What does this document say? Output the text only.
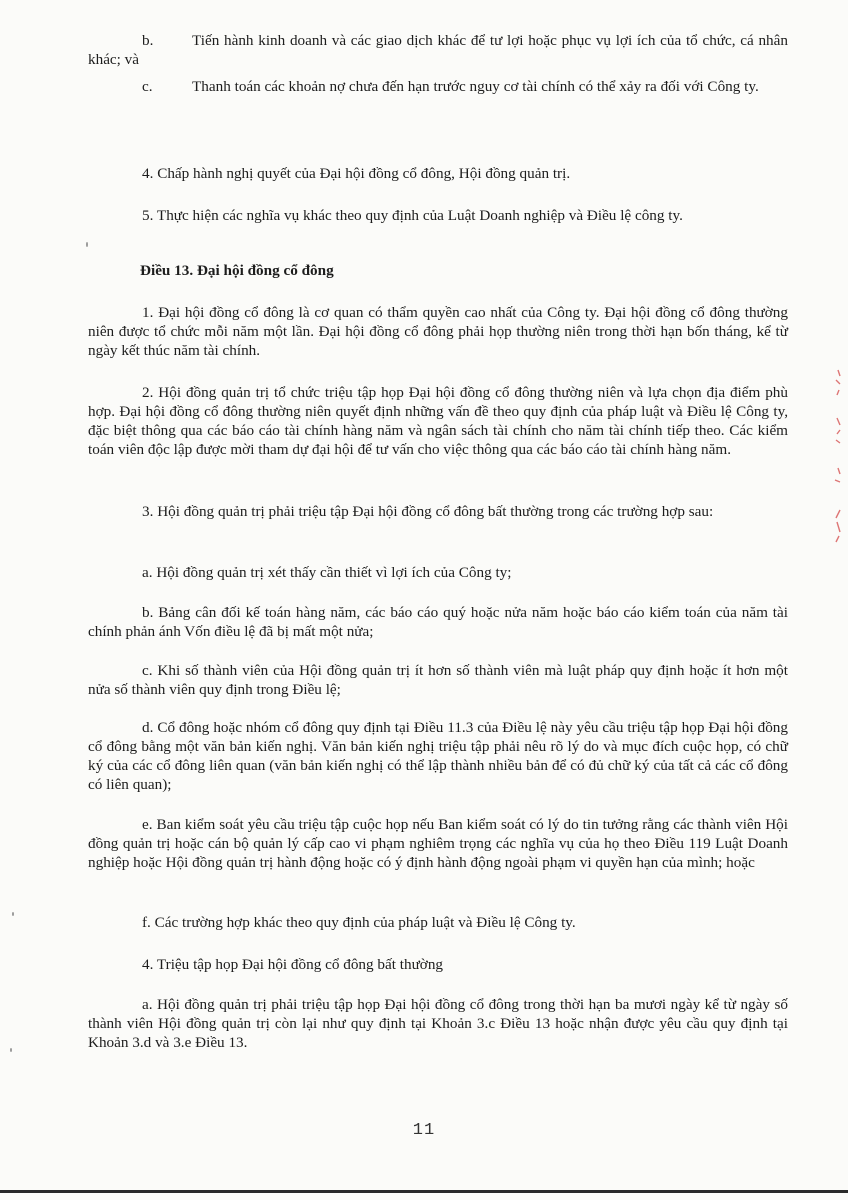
b.	Tiến hành kinh doanh và các giao dịch khác để tư lợi hoặc phục vụ lợi ích của tổ chức, cá nhân khác; và

c.	Thanh toán các khoản nợ chưa đến hạn trước nguy cơ tài chính có thể xảy ra đối với Công ty.

4. Chấp hành nghị quyết của Đại hội đồng cổ đông, Hội đồng quản trị.

5. Thực hiện các nghĩa vụ khác theo quy định của Luật Doanh nghiệp và Điều lệ công ty.

Điều 13. Đại hội đồng cổ đông

1. Đại hội đồng cổ đông là cơ quan có thẩm quyền cao nhất của Công ty. Đại hội đồng cổ đông thường niên được tổ chức mỗi năm một lần. Đại hội đồng cổ đông phải họp thường niên trong thời hạn bốn tháng, kể từ ngày kết thúc năm tài chính.

2. Hội đồng quản trị tổ chức triệu tập họp Đại hội đồng cổ đông thường niên và lựa chọn địa điểm phù hợp. Đại hội đồng cổ đông thường niên quyết định những vấn đề theo quy định của pháp luật và Điều lệ Công ty, đặc biệt thông qua các báo cáo tài chính hàng năm và ngân sách tài chính cho năm tài chính tiếp theo. Các kiểm toán viên độc lập được mời tham dự đại hội để tư vấn cho việc thông qua các báo cáo tài chính hàng năm.

3. Hội đồng quản trị phải triệu tập Đại hội đồng cổ đông bất thường trong các trường hợp sau:

a. Hội đồng quản trị xét thấy cần thiết vì lợi ích của Công ty;

b. Bảng cân đối kế toán hàng năm, các báo cáo quý hoặc nửa năm hoặc báo cáo kiểm toán của năm tài chính phản ánh Vốn điều lệ đã bị mất một nửa;

c. Khi số thành viên của Hội đồng quản trị ít hơn số thành viên mà luật pháp quy định hoặc ít hơn một nửa số thành viên quy định trong Điều lệ;

d. Cổ đông hoặc nhóm cổ đông quy định tại Điều 11.3 của Điều lệ này yêu cầu triệu tập họp Đại hội đồng cổ đông bằng một văn bản kiến nghị. Văn bản kiến nghị triệu tập phải nêu rõ lý do và mục đích cuộc họp, có chữ ký của các cổ đông liên quan (văn bản kiến nghị có thể lập thành nhiều bản để có đủ chữ ký của tất cả các cổ đông có liên quan);

e. Ban kiểm soát yêu cầu triệu tập cuộc họp nếu Ban kiểm soát có lý do tin tưởng rằng các thành viên Hội đồng quản trị hoặc cán bộ quản lý cấp cao vi phạm nghiêm trọng các nghĩa vụ của họ theo Điều 119 Luật Doanh nghiệp hoặc Hội đồng quản trị hành động hoặc có ý định hành động ngoài phạm vi quyền hạn của mình; hoặc

f. Các trường hợp khác theo quy định của pháp luật và Điều lệ Công ty.

4. Triệu tập họp Đại hội đồng cổ đông bất thường

a. Hội đồng quản trị phải triệu tập họp Đại hội đồng cổ đông trong thời hạn ba mươi ngày kể từ ngày số thành viên Hội đồng quản trị còn lại như quy định tại Khoản 3.c Điều 13 hoặc nhận được yêu cầu quy định tại Khoản 3.d và 3.e Điều 13.

11
